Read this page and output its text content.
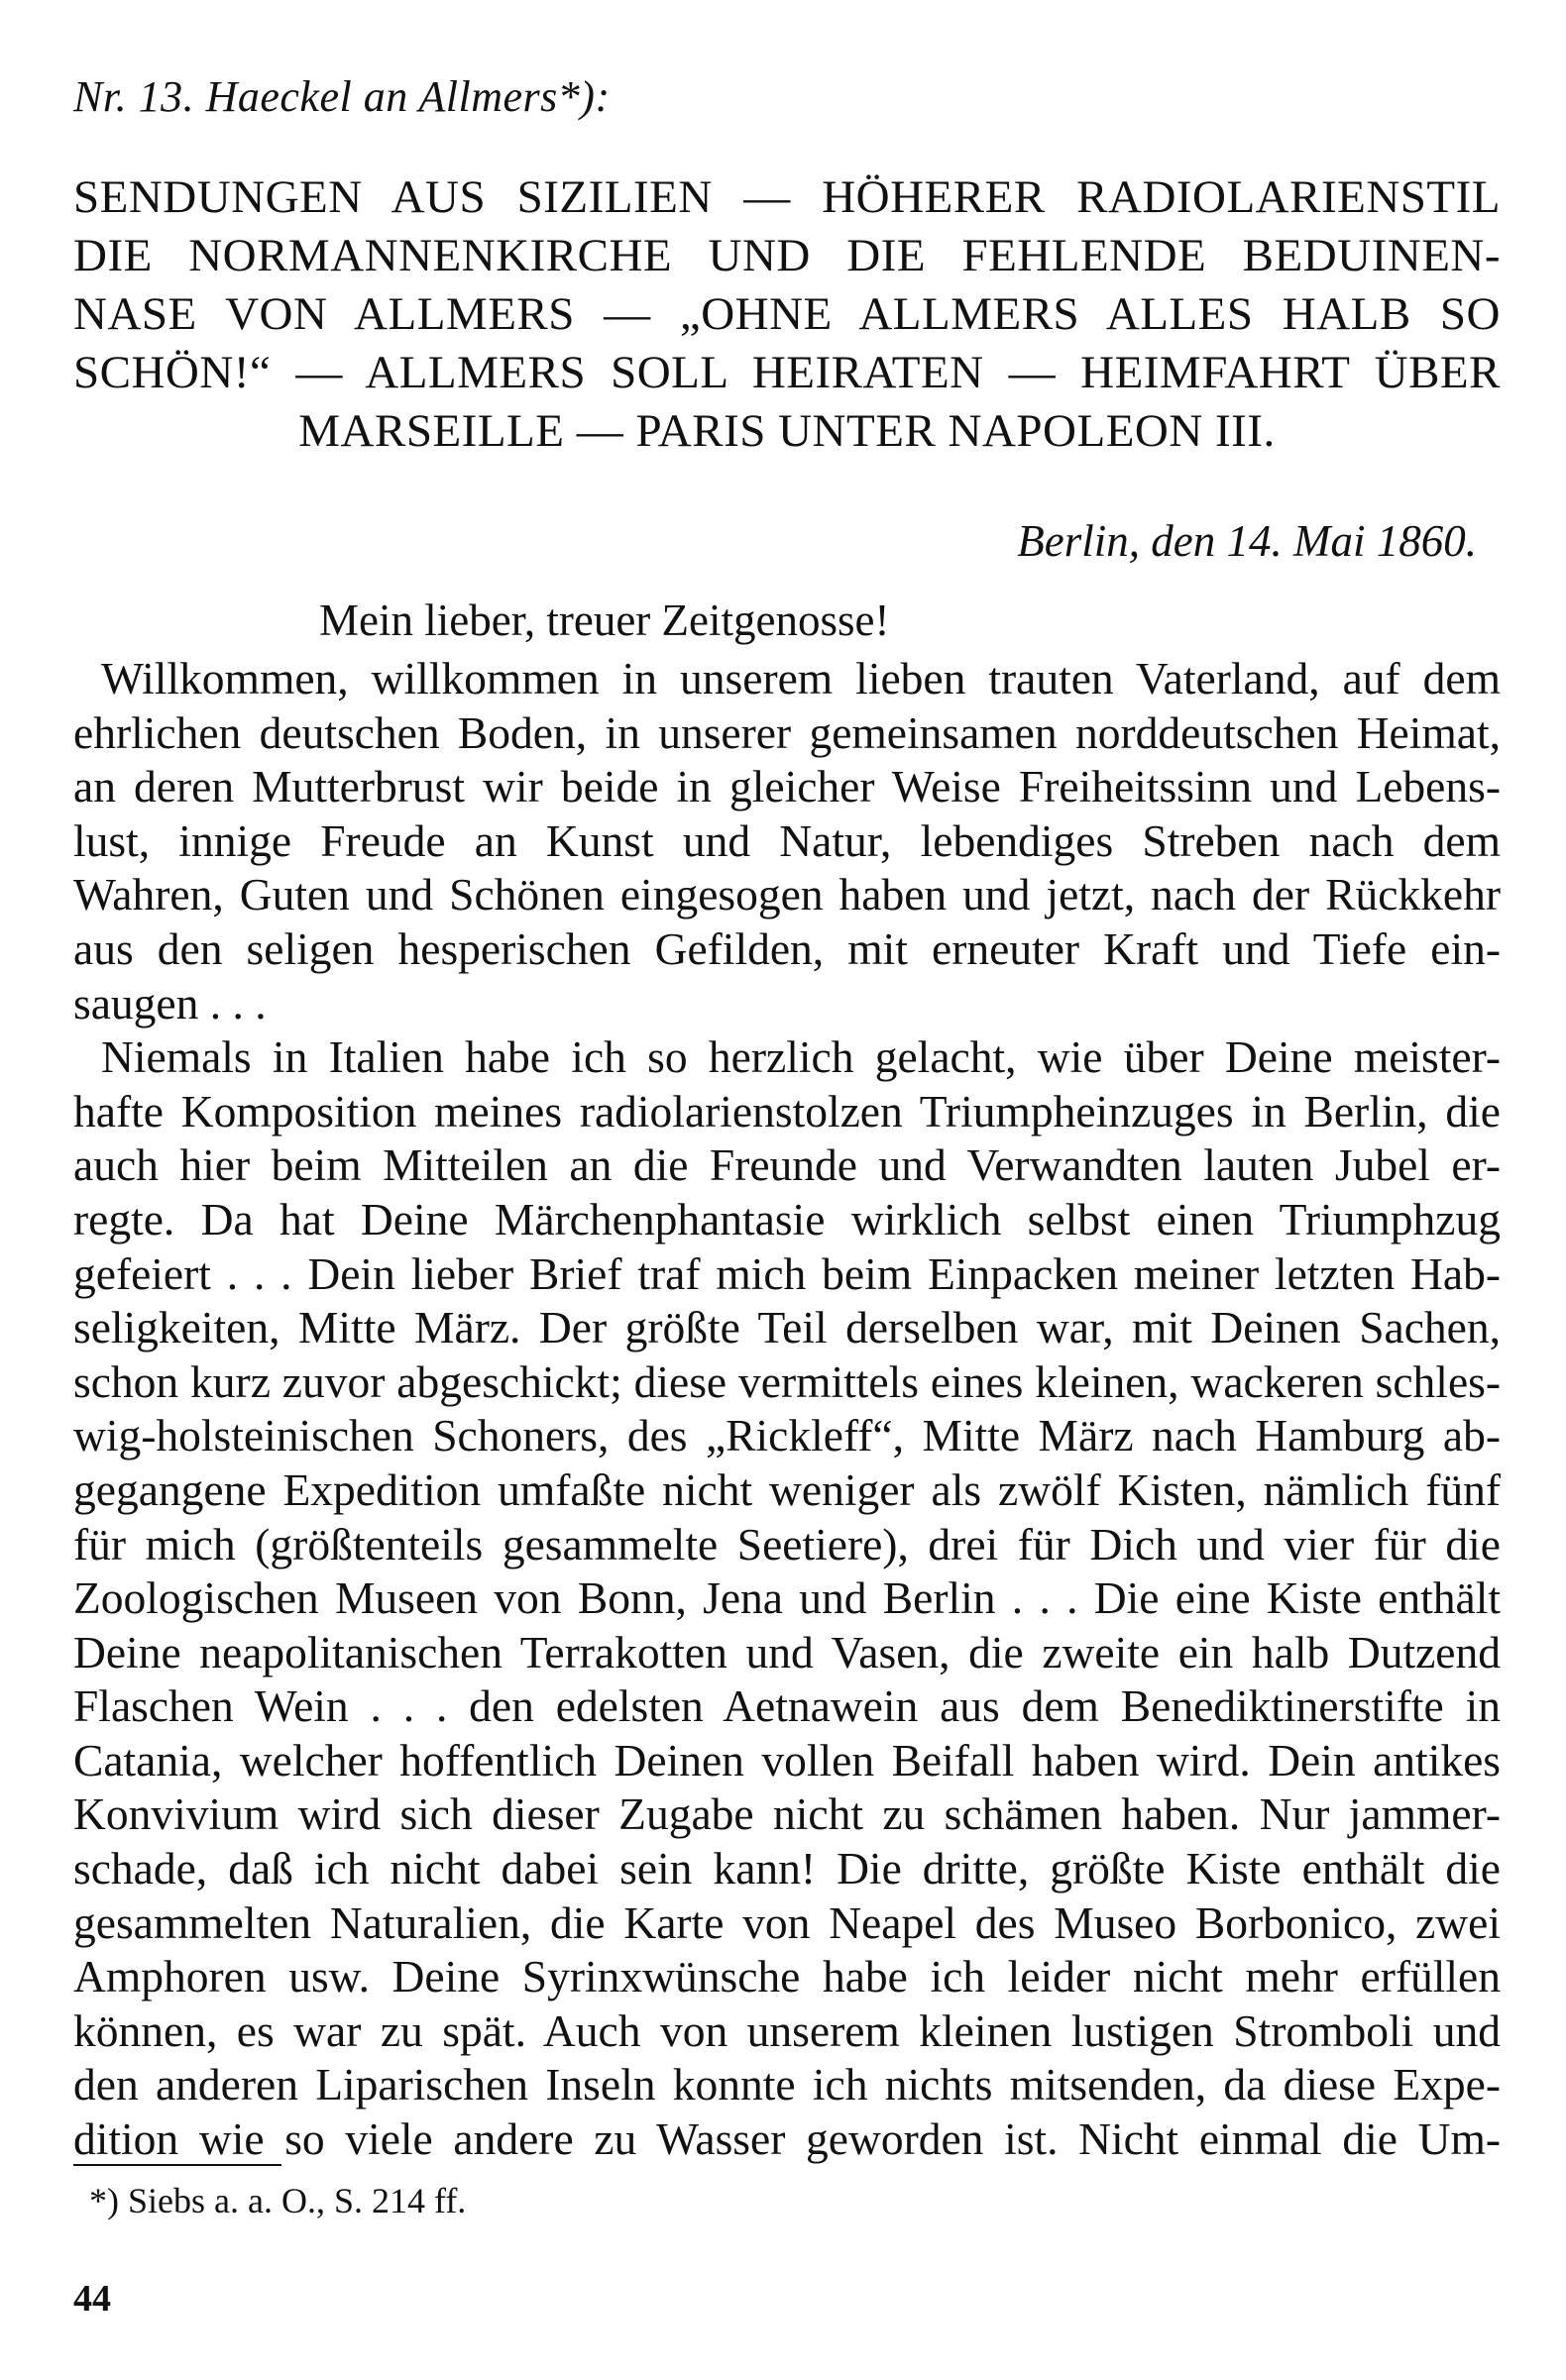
Nr. 13. Haeckel an Allmers*):
SENDUNGEN AUS SIZILIEN — HÖHERER RADIOLARIENSTIL
DIE NORMANNENKIRCHE UND DIE FEHLENDE BEDUINEN-
NASE VON ALLMERS — „OHNE ALLMERS ALLES HALB SO
SCHÖN!“ — ALLMERS SOLL HEIRATEN — HEIMFAHRT ÜBER
MARSEILLE — PARIS UNTER NAPOLEON III.
Berlin, den 14. Mai 1860.
Mein lieber, treuer Zeitgenosse!
Willkommen, willkommen in unserem lieben trauten Vaterland, auf dem
ehrlichen deutschen Boden, in unserer gemeinsamen norddeutschen Heimat,
an deren Mutterbrust wir beide in gleicher Weise Freiheitssinn und Lebens-
lust, innige Freude an Kunst und Natur, lebendiges Streben nach dem
Wahren, Guten und Schönen eingesogen haben und jetzt, nach der Rückkehr
aus den seligen hesperischen Gefilden, mit erneuter Kraft und Tiefe ein-
saugen . . .
Niemals in Italien habe ich so herzlich gelacht, wie über Deine meister-
hafte Komposition meines radiolarienstolzen Triumpheinzuges in Berlin, die
auch hier beim Mitteilen an die Freunde und Verwandten lauten Jubel er-
regte. Da hat Deine Märchenphantasie wirklich selbst einen Triumphzug
gefeiert . . . Dein lieber Brief traf mich beim Einpacken meiner letzten Hab-
seligkeiten, Mitte März. Der größte Teil derselben war, mit Deinen Sachen,
schon kurz zuvor abgeschickt; diese vermittels eines kleinen, wackeren schles-
wig-holsteinischen Schoners, des „Rickleff“, Mitte März nach Hamburg ab-
gegangene Expedition umfaßte nicht weniger als zwölf Kisten, nämlich fünf
für mich (größtenteils gesammelte Seetiere), drei für Dich und vier für die
Zoologischen Museen von Bonn, Jena und Berlin . . . Die eine Kiste enthält
Deine neapolitanischen Terrakotten und Vasen, die zweite ein halb Dutzend
Flaschen Wein . . . den edelsten Aetnawein aus dem Benediktinerstifte in
Catania, welcher hoffentlich Deinen vollen Beifall haben wird. Dein antikes
Konvivium wird sich dieser Zugabe nicht zu schämen haben. Nur jammer-
schade, daß ich nicht dabei sein kann! Die dritte, größte Kiste enthält die
gesammelten Naturalien, die Karte von Neapel des Museo Borbonico, zwei
Amphoren usw. Deine Syrinxwünsche habe ich leider nicht mehr erfüllen
können, es war zu spät. Auch von unserem kleinen lustigen Stromboli und
den anderen Liparischen Inseln konnte ich nichts mitsenden, da diese Expe-
dition wie so viele andere zu Wasser geworden ist. Nicht einmal die Um-
*) Siebs a. a. O., S. 214 ff.
44
